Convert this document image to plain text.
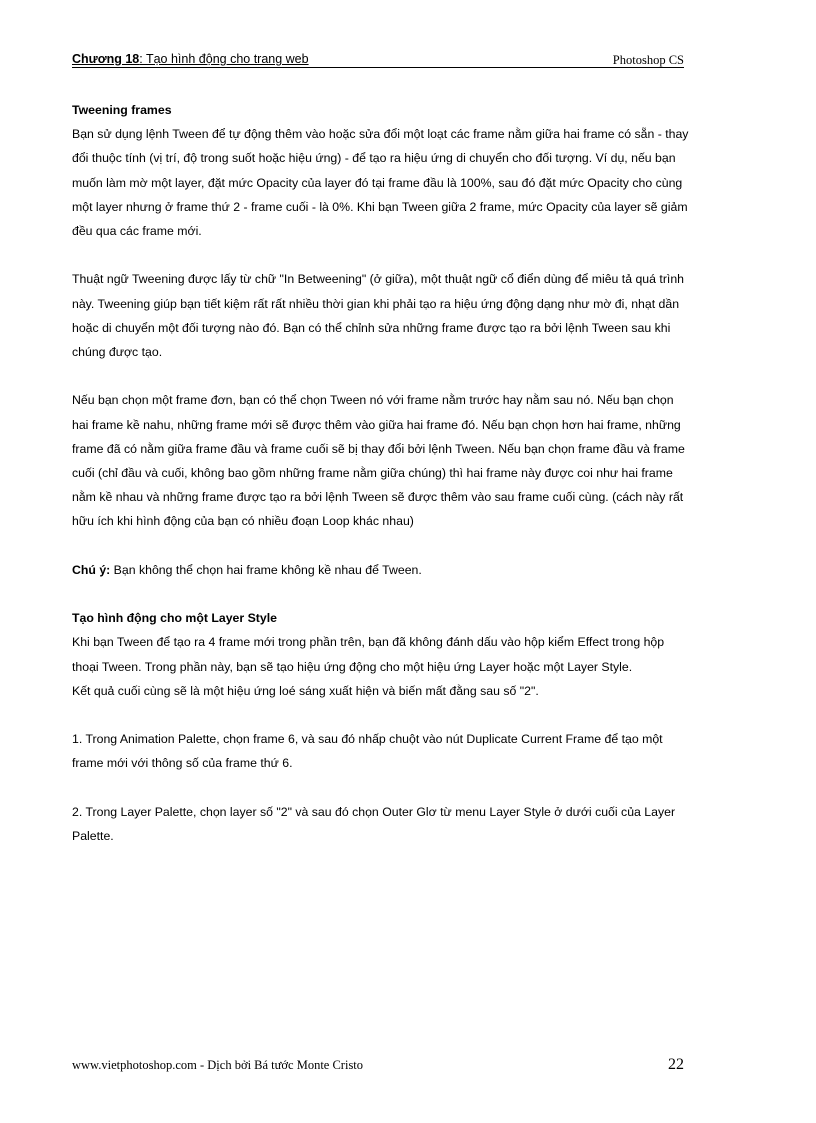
Chương 18: Tạo hình động cho trang web	Photoshop CS
Tweening frames

Bạn sử dụng lệnh Tween để tự động thêm vào hoặc sửa đổi một loạt các frame nằm giữa hai frame có sẵn - thay đổi thuộc tính (vị trí, độ trong suốt hoặc hiệu ứng) - để tạo ra hiệu ứng di chuyển cho đối tượng. Ví dụ, nếu bạn muốn làm mờ một layer, đặt mức Opacity của layer đó tại frame đầu là 100%, sau đó đặt mức Opacity cho cùng một layer nhưng ở frame thứ 2 - frame cuối - là 0%. Khi bạn Tween giữa 2 frame, mức Opacity của layer sẽ giảm đều qua các frame mới.

Thuật ngữ Tweening được lấy từ chữ "In Betweening" (ở giữa), một thuật ngữ cổ điển dùng để miêu tả quá trình này. Tweening giúp bạn tiết kiệm rất rất nhiều thời gian khi phải tạo ra hiệu ứng động dạng như mờ đi, nhạt dần hoặc di chuyển một đối tượng nào đó. Bạn có thể chỉnh sửa những frame được tạo ra bởi lệnh Tween sau khi chúng được tạo.

Nếu bạn chọn một frame đơn, bạn có thể chọn Tween nó với frame nằm trước hay nằm sau nó. Nếu bạn chọn hai frame kề nahu, những frame mới sẽ được thêm vào giữa hai frame đó. Nếu bạn chọn hơn hai frame, những frame đã có nằm giữa frame đầu và frame cuối sẽ bị thay đổi bởi lệnh Tween. Nếu bạn chọn frame đầu và frame cuối (chỉ đầu và cuối, không bao gồm những frame nằm giữa chúng) thì hai frame này được coi như hai frame nằm kề nhau và những frame được tạo ra bởi lệnh Tween sẽ được thêm vào sau frame cuối cùng. (cách này rất hữu ích khi hình động của bạn có nhiều đoạn Loop khác nhau)

Chú ý: Bạn không thể chọn hai frame không kề nhau để Tween.

Tạo hình động cho một Layer Style

Khi bạn Tween để tạo ra 4 frame mới trong phần trên, bạn đã không đánh dấu vào hộp kiểm Effect trong hộp thoại Tween. Trong phần này, bạn sẽ tạo hiệu ứng động cho một hiệu ứng Layer hoặc một Layer Style.

Kết quả cuối cùng sẽ là một hiệu ứng loé sáng xuất hiện và biến mất đằng sau số "2".

1. Trong Animation Palette, chọn frame 6, và sau đó nhấp chuột vào nút Duplicate Current Frame để tạo một frame mới với thông số của frame thứ 6.

2. Trong Layer Palette, chọn layer số "2" và sau đó chọn Outer Glơ từ menu Layer Style ở dưới cuối của Layer Palette.

www.vietphotoshop.com - Dịch bởi Bá tước Monte Cristo	22
